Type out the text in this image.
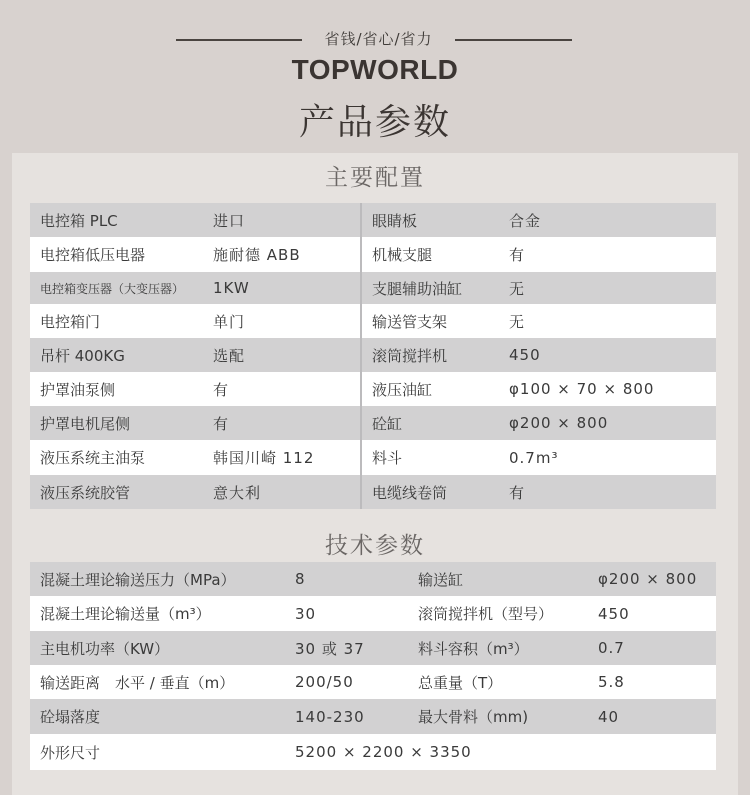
省钱/省心/省力
TOPWORLD
产品参数
主要配置
电控箱 PLC	进口	眼睛板	合金
电控箱低压电器	施耐德 ABB	机械支腿	有
电控箱变压器（大变压器）	1KW	支腿辅助油缸	无
电控箱门	单门	输送管支架	无
吊杆 400KG	选配	滚筒搅拌机	450
护罩油泵侧	有	液压油缸	φ100 × 70 × 800
护罩电机尾侧	有	砼缸	φ200 × 800
液压系统主油泵	韩国川崎 112	料斗	0.7m³
液压系统胶管	意大利	电缆线卷筒	有
技术参数
混凝土理论输送压力（MPa）	8	输送缸	φ200 × 800
混凝土理论输送量（m³）	30	滚筒搅拌机（型号）	450
主电机功率（KW）	30 或 37	料斗容积（m³）	0.7
输送距离　水平 / 垂直（m）	200/50	总重量（T）	5.8
砼塌落度	140-230	最大骨料（mm)	40
外形尺寸	5200 × 2200 × 3350		
